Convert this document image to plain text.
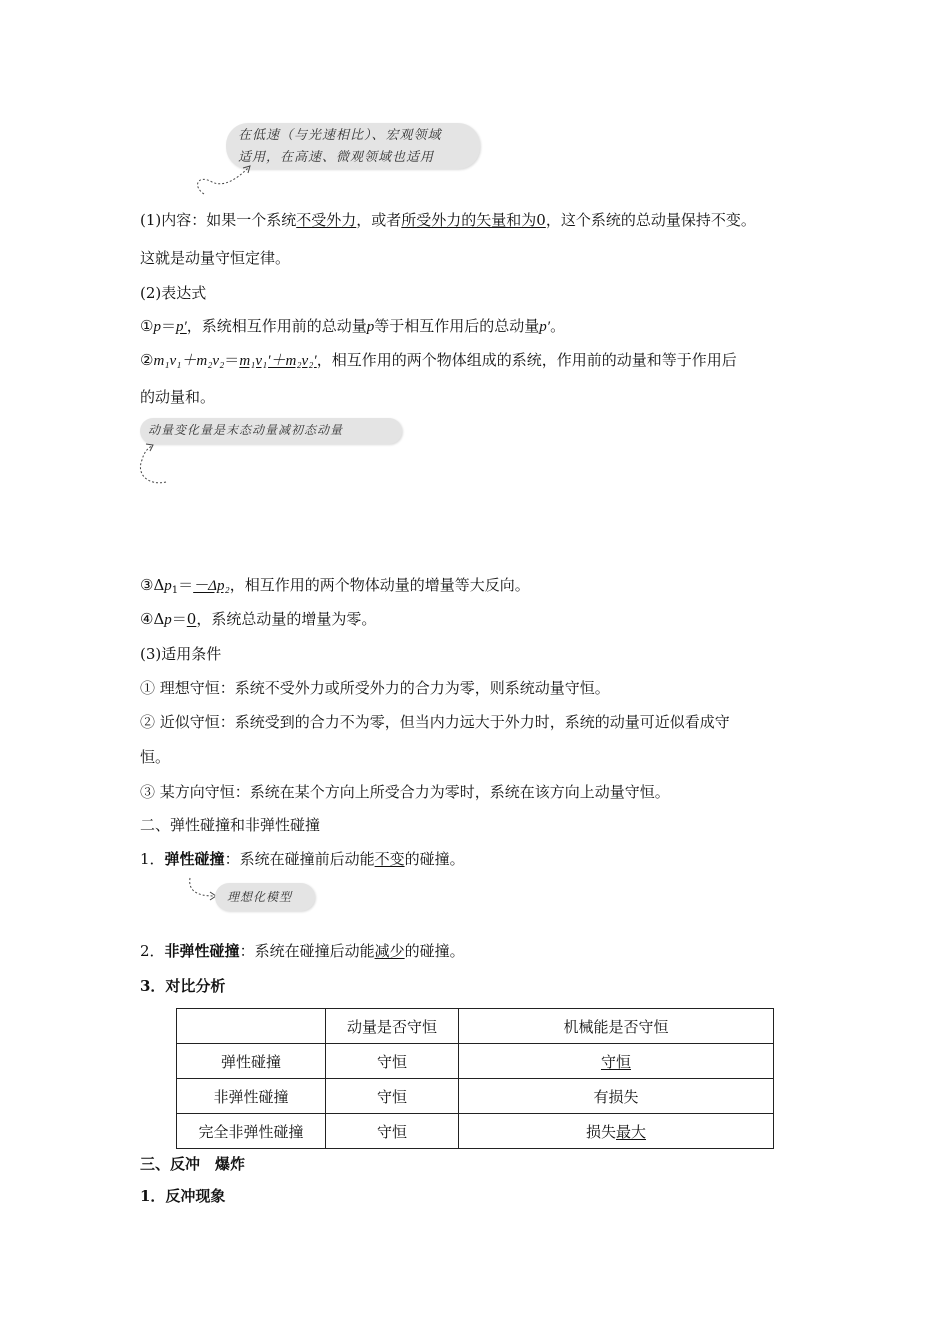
在低速（与光速相比）、宏观领域
适用，在高速、微观领域也适用
(1)内容：如果一个系统不受外力，或者所受外力的矢量和为0，这个系统的总动量保持不变。
这就是动量守恒定律。
(2)表达式
①p＝p′，系统相互作用前的总动量p等于相互作用后的总动量p′。
②m₁v₁＋m₂v₂＝m₁v₁′＋m₂v₂′，相互作用的两个物体组成的系统，作用前的动量和等于作用后
的动量和。
动量变化量是末态动量减初态动量
$③\Delta p_1=-\Delta p_2$，相互作用的两个物体动量的增量等大反向。
④Δp＝0，系统总动量的增量为零。
(3)适用条件
① 理想守恒：系统不受外力或所受外力的合力为零，则系统动量守恒。
② 近似守恒：系统受到的合力不为零，但当内力远大于外力时，系统的动量可近似看成守
恒。
③ 某方向守恒：系统在某个方向上所受合力为零时，系统在该方向上动量守恒。
二、弹性碰撞和非弹性碰撞
1．弹性碰撞：系统在碰撞前后动能不变的碰撞。
理想化模型
2．非弹性碰撞：系统在碰撞后动能减少的碰撞。
3．对比分析
	动量是否守恒	机械能是否守恒
弹性碰撞	守恒	守恒
非弹性碰撞	守恒	有损失
完全非弹性碰撞	守恒	损失最大
三、反冲　爆炸
1．反冲现象
